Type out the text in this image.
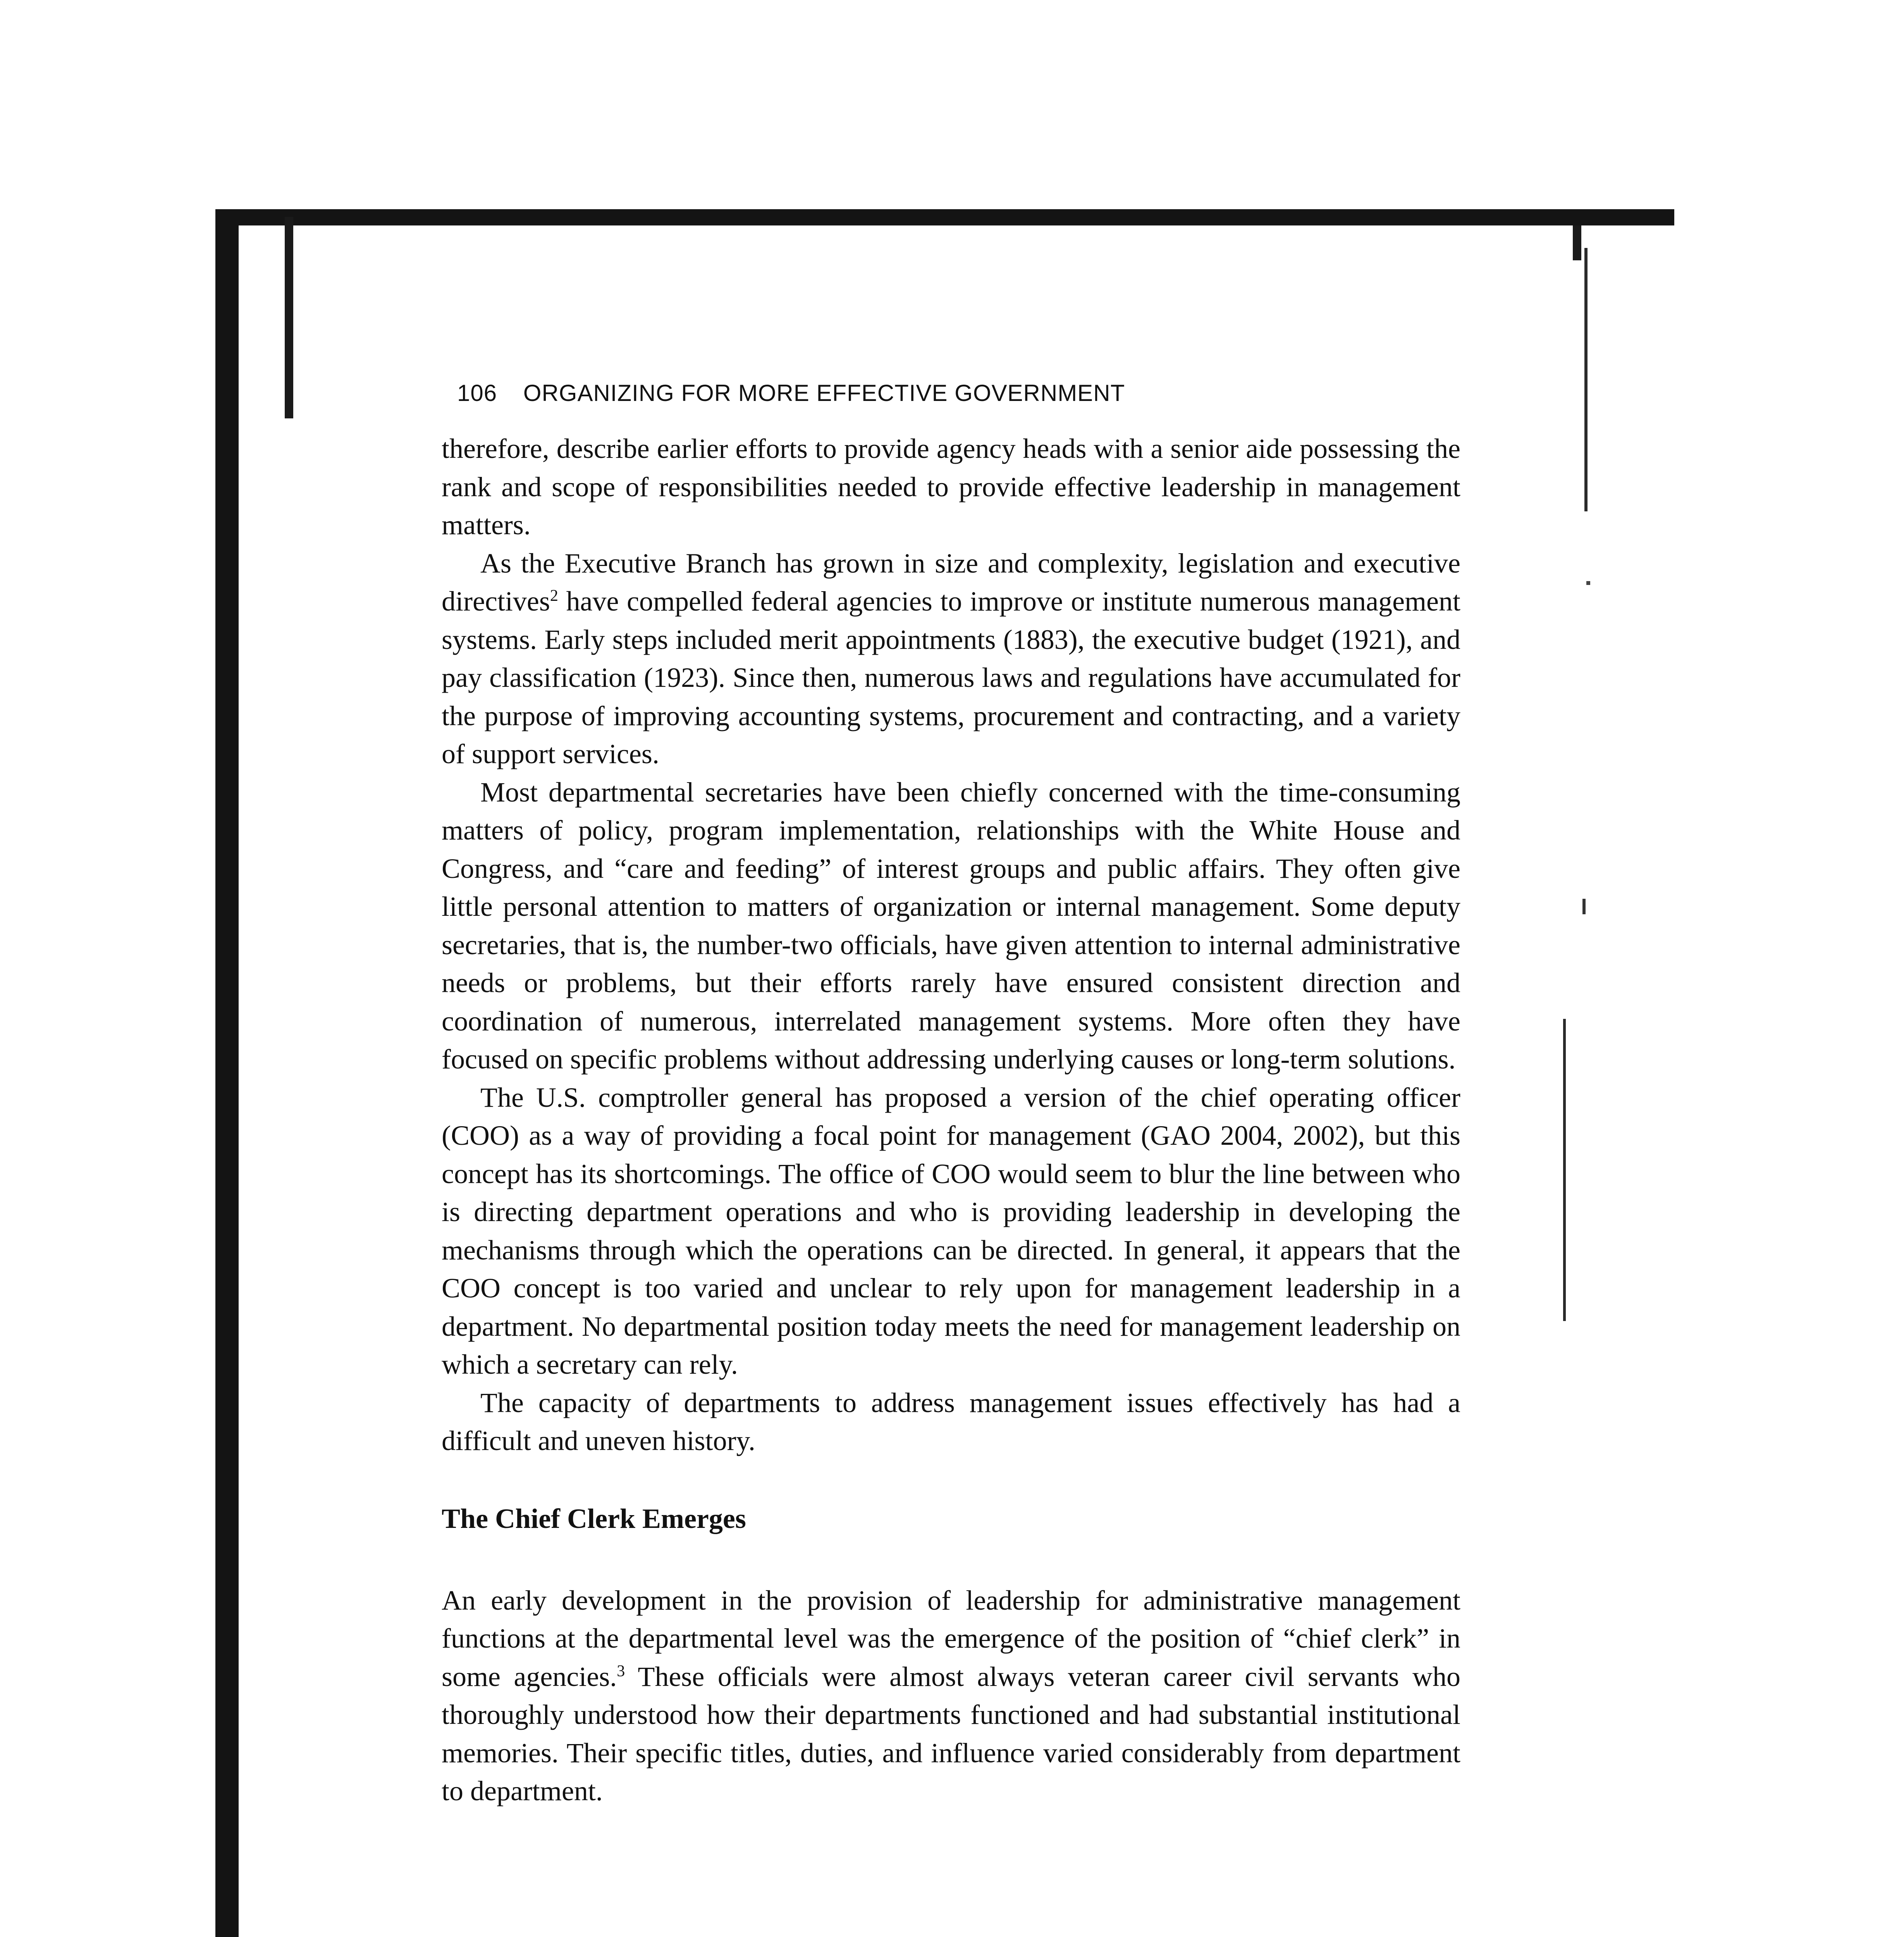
106 ORGANIZING FOR MORE EFFECTIVE GOVERNMENT

therefore, describe earlier efforts to provide agency heads with a senior aide possessing the rank and scope of responsibilities needed to provide effective leadership in management matters.

As the Executive Branch has grown in size and complexity, legislation and executive directives$^2$ have compelled federal agencies to improve or institute numerous management systems. Early steps included merit appointments (1883), the executive budget (1921), and pay classification (1923). Since then, numerous laws and regulations have accumulated for the purpose of improving accounting systems, procurement and contracting, and a variety of support services.

Most departmental secretaries have been chiefly concerned with the time-consuming matters of policy, program implementation, relationships with the White House and Congress, and “care and feeding” of interest groups and public affairs. They often give little personal attention to matters of organization or internal management. Some deputy secretaries, that is, the number-two officials, have given attention to internal administrative needs or problems, but their efforts rarely have ensured consistent direction and coordination of numerous, interrelated management systems. More often they have focused on specific problems without addressing underlying causes or long-term solutions.

The U.S. comptroller general has proposed a version of the chief operating officer (COO) as a way of providing a focal point for management (GAO 2004, 2002), but this concept has its shortcomings. The office of COO would seem to blur the line between who is directing department operations and who is providing leadership in developing the mechanisms through which the operations can be directed. In general, it appears that the COO concept is too varied and unclear to rely upon for management leadership in a department. No departmental position today meets the need for management leadership on which a secretary can rely.

The capacity of departments to address management issues effectively has had a difficult and uneven history.

The Chief Clerk Emerges

An early development in the provision of leadership for administrative management functions at the departmental level was the emergence of the position of “chief clerk” in some agencies.$^3$ These officials were almost always veteran career civil servants who thoroughly understood how their departments functioned and had substantial institutional memories. Their specific titles, duties, and influence varied considerably from department to department.
